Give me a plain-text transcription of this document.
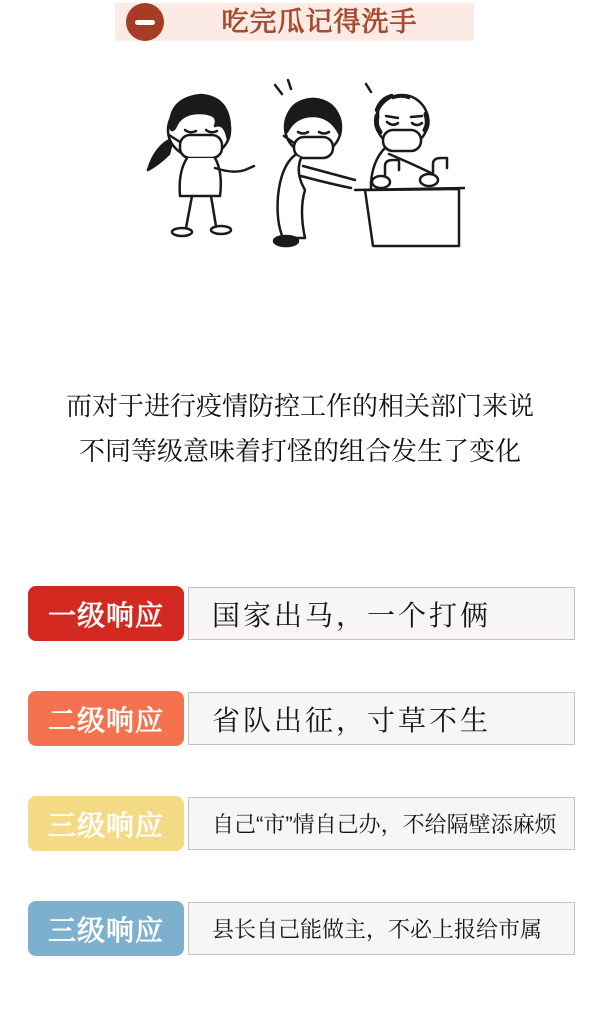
吃完瓜记得洗手
而对于进行疫情防控工作的相关部门来说
不同等级意味着打怪的组合发生了变化
一级响应	国家出马，一个打俩
二级响应	省队出征，寸草不生
三级响应	自己“市”情自己办，不给隔壁添麻烦
三级响应	县长自己能做主，不必上报给市属
